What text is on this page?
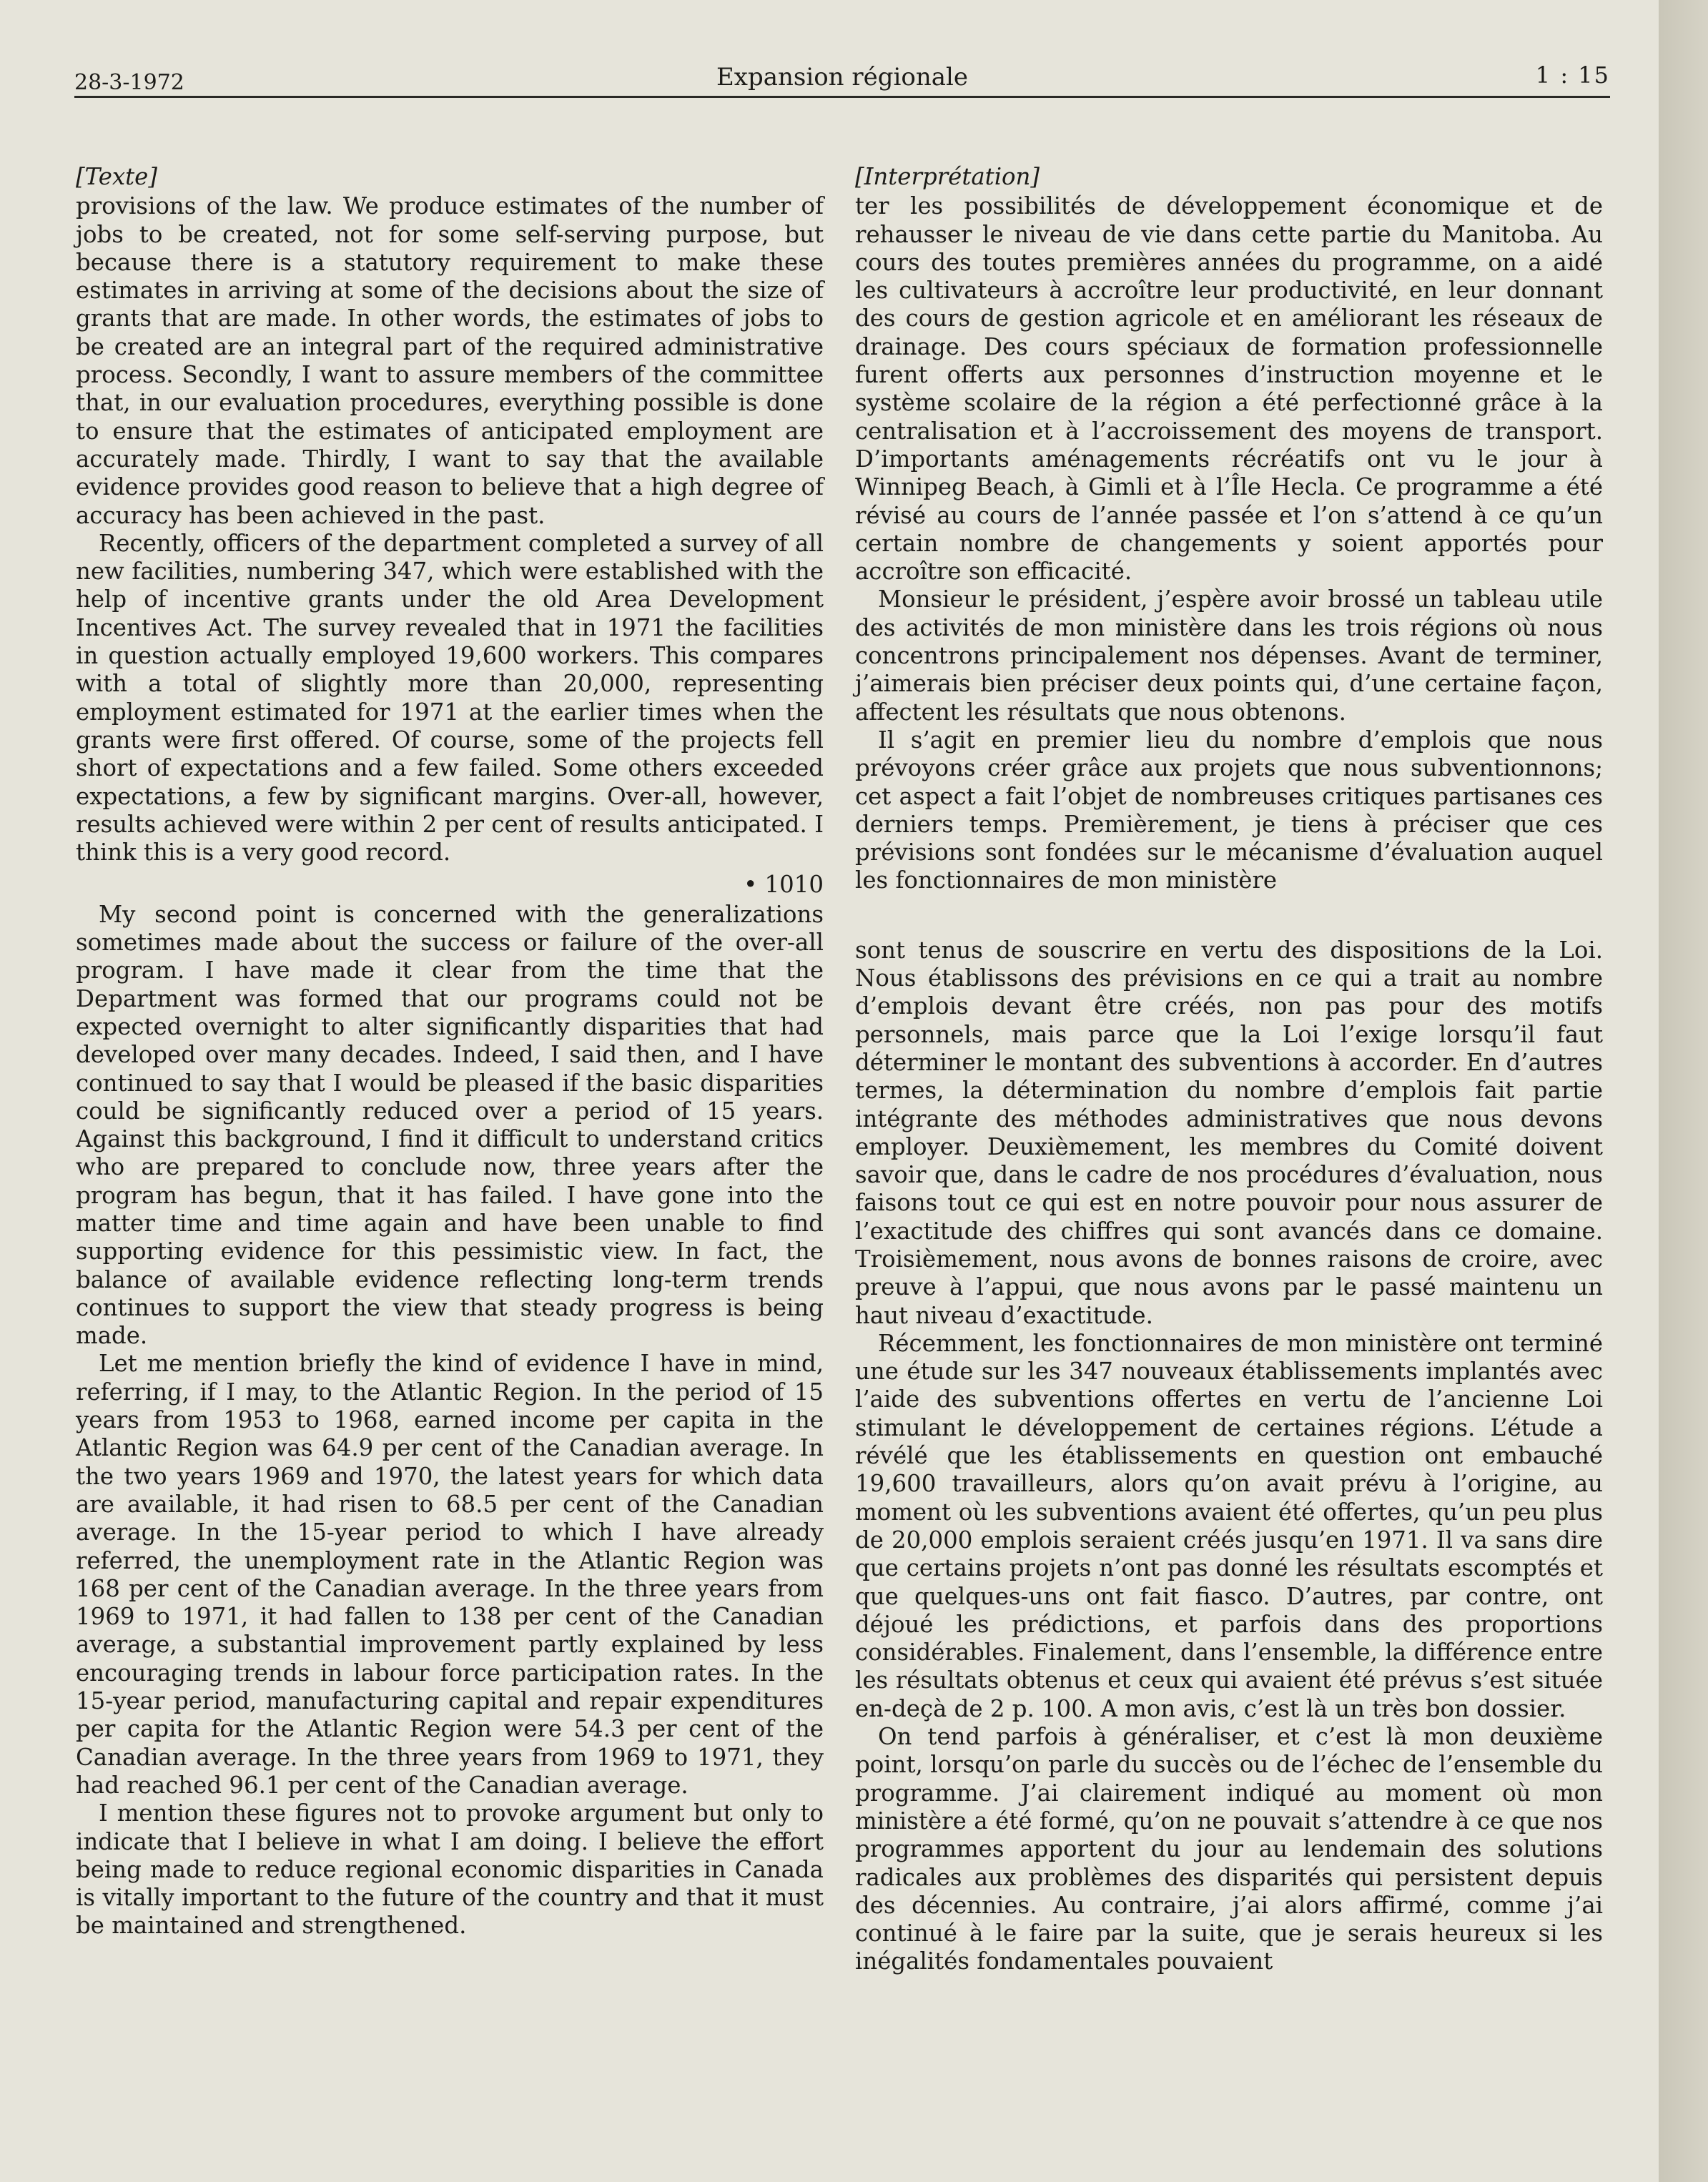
28-3-1972	Expansion régionale	1 : 15
[Texte]

provisions of the law. We produce estimates of the number of jobs to be created, not for some self-serving purpose, but because there is a statutory requirement to make these estimates in arriving at some of the decisions about the size of grants that are made. In other words, the estimates of jobs to be created are an integral part of the required administrative process. Secondly, I want to assure members of the committee that, in our evaluation procedures, everything possible is done to ensure that the estimates of anticipated employment are accurately made. Thirdly, I want to say that the available evidence provides good reason to believe that a high degree of accuracy has been achieved in the past.

Recently, officers of the department completed a survey of all new facilities, numbering 347, which were established with the help of incentive grants under the old Area Development Incentives Act. The survey revealed that in 1971 the facilities in question actually employed 19,600 workers. This compares with a total of slightly more than 20,000, representing employment estimated for 1971 at the earlier times when the grants were first offered. Of course, some of the projects fell short of expectations and a few failed. Some others exceeded expectations, a few by significant margins. Over-all, however, results achieved were within 2 per cent of results anticipated. I think this is a very good record.

• 1010

My second point is concerned with the generalizations sometimes made about the success or failure of the over-all program. I have made it clear from the time that the Department was formed that our programs could not be expected overnight to alter significantly disparities that had developed over many decades. Indeed, I said then, and I have continued to say that I would be pleased if the basic disparities could be significantly reduced over a period of 15 years. Against this background, I find it difficult to understand critics who are prepared to conclude now, three years after the program has begun, that it has failed. I have gone into the matter time and time again and have been unable to find supporting evidence for this pessimistic view. In fact, the balance of available evidence reflecting long-term trends continues to support the view that steady progress is being made.

Let me mention briefly the kind of evidence I have in mind, referring, if I may, to the Atlantic Region. In the period of 15 years from 1953 to 1968, earned income per capita in the Atlantic Region was 64.9 per cent of the Canadian average. In the two years 1969 and 1970, the latest years for which data are available, it had risen to 68.5 per cent of the Canadian average. In the 15-year period to which I have already referred, the unemployment rate in the Atlantic Region was 168 per cent of the Canadian average. In the three years from 1969 to 1971, it had fallen to 138 per cent of the Canadian average, a substantial improvement partly explained by less encouraging trends in labour force participation rates. In the 15-year period, manufacturing capital and repair expenditures per capita for the Atlantic Region were 54.3 per cent of the Canadian average. In the three years from 1969 to 1971, they had reached 96.1 per cent of the Canadian average.

I mention these figures not to provoke argument but only to indicate that I believe in what I am doing. I believe the effort being made to reduce regional economic disparities in Canada is vitally important to the future of the country and that it must be maintained and strengthened.

[Interprétation]

ter les possibilités de développement économique et de rehausser le niveau de vie dans cette partie du Manitoba. Au cours des toutes premières années du programme, on a aidé les cultivateurs à accroître leur productivité, en leur donnant des cours de gestion agricole et en améliorant les réseaux de drainage. Des cours spéciaux de formation professionnelle furent offerts aux personnes d’instruction moyenne et le système scolaire de la région a été perfectionné grâce à la centralisation et à l’accroissement des moyens de transport. D’importants aménagements récréatifs ont vu le jour à Winnipeg Beach, à Gimli et à l’Île Hecla. Ce programme a été révisé au cours de l’année passée et l’on s’attend à ce qu’un certain nombre de changements y soient apportés pour accroître son efficacité.

Monsieur le président, j’espère avoir brossé un tableau utile des activités de mon ministère dans les trois régions où nous concentrons principalement nos dépenses. Avant de terminer, j’aimerais bien préciser deux points qui, d’une certaine façon, affectent les résultats que nous obtenons.

Il s’agit en premier lieu du nombre d’emplois que nous prévoyons créer grâce aux projets que nous subventionnons; cet aspect a fait l’objet de nombreuses critiques partisanes ces derniers temps. Premièrement, je tiens à préciser que ces prévisions sont fondées sur le mécanisme d’évaluation auquel les fonctionnaires de mon ministère

sont tenus de souscrire en vertu des dispositions de la Loi. Nous établissons des prévisions en ce qui a trait au nombre d’emplois devant être créés, non pas pour des motifs personnels, mais parce que la Loi l’exige lorsqu’il faut déterminer le montant des subventions à accorder. En d’autres termes, la détermination du nombre d’emplois fait partie intégrante des méthodes administratives que nous devons employer. Deuxièmement, les membres du Comité doivent savoir que, dans le cadre de nos procédures d’évaluation, nous faisons tout ce qui est en notre pouvoir pour nous assurer de l’exactitude des chiffres qui sont avancés dans ce domaine. Troisièmement, nous avons de bonnes raisons de croire, avec preuve à l’appui, que nous avons par le passé maintenu un haut niveau d’exactitude.

Récemment, les fonctionnaires de mon ministère ont terminé une étude sur les 347 nouveaux établissements implantés avec l’aide des subventions offertes en vertu de l’ancienne Loi stimulant le développement de certaines régions. L’étude a révélé que les établissements en question ont embauché 19,600 travailleurs, alors qu’on avait prévu à l’origine, au moment où les subventions avaient été offertes, qu’un peu plus de 20,000 emplois seraient créés jusqu’en 1971. Il va sans dire que certains projets n’ont pas donné les résultats escomptés et que quelques-uns ont fait fiasco. D’autres, par contre, ont déjoué les prédictions, et parfois dans des proportions considérables. Finalement, dans l’ensemble, la différence entre les résultats obtenus et ceux qui avaient été prévus s’est située en-deçà de 2 p. 100. A mon avis, c’est là un très bon dossier.

On tend parfois à généraliser, et c’est là mon deuxième point, lorsqu’on parle du succès ou de l’échec de l’ensemble du programme. J’ai clairement indiqué au moment où mon ministère a été formé, qu’on ne pouvait s’attendre à ce que nos programmes apportent du jour au lendemain des solutions radicales aux problèmes des disparités qui persistent depuis des décennies. Au contraire, j’ai alors affirmé, comme j’ai continué à le faire par la suite, que je serais heureux si les inégalités fondamentales pouvaient
